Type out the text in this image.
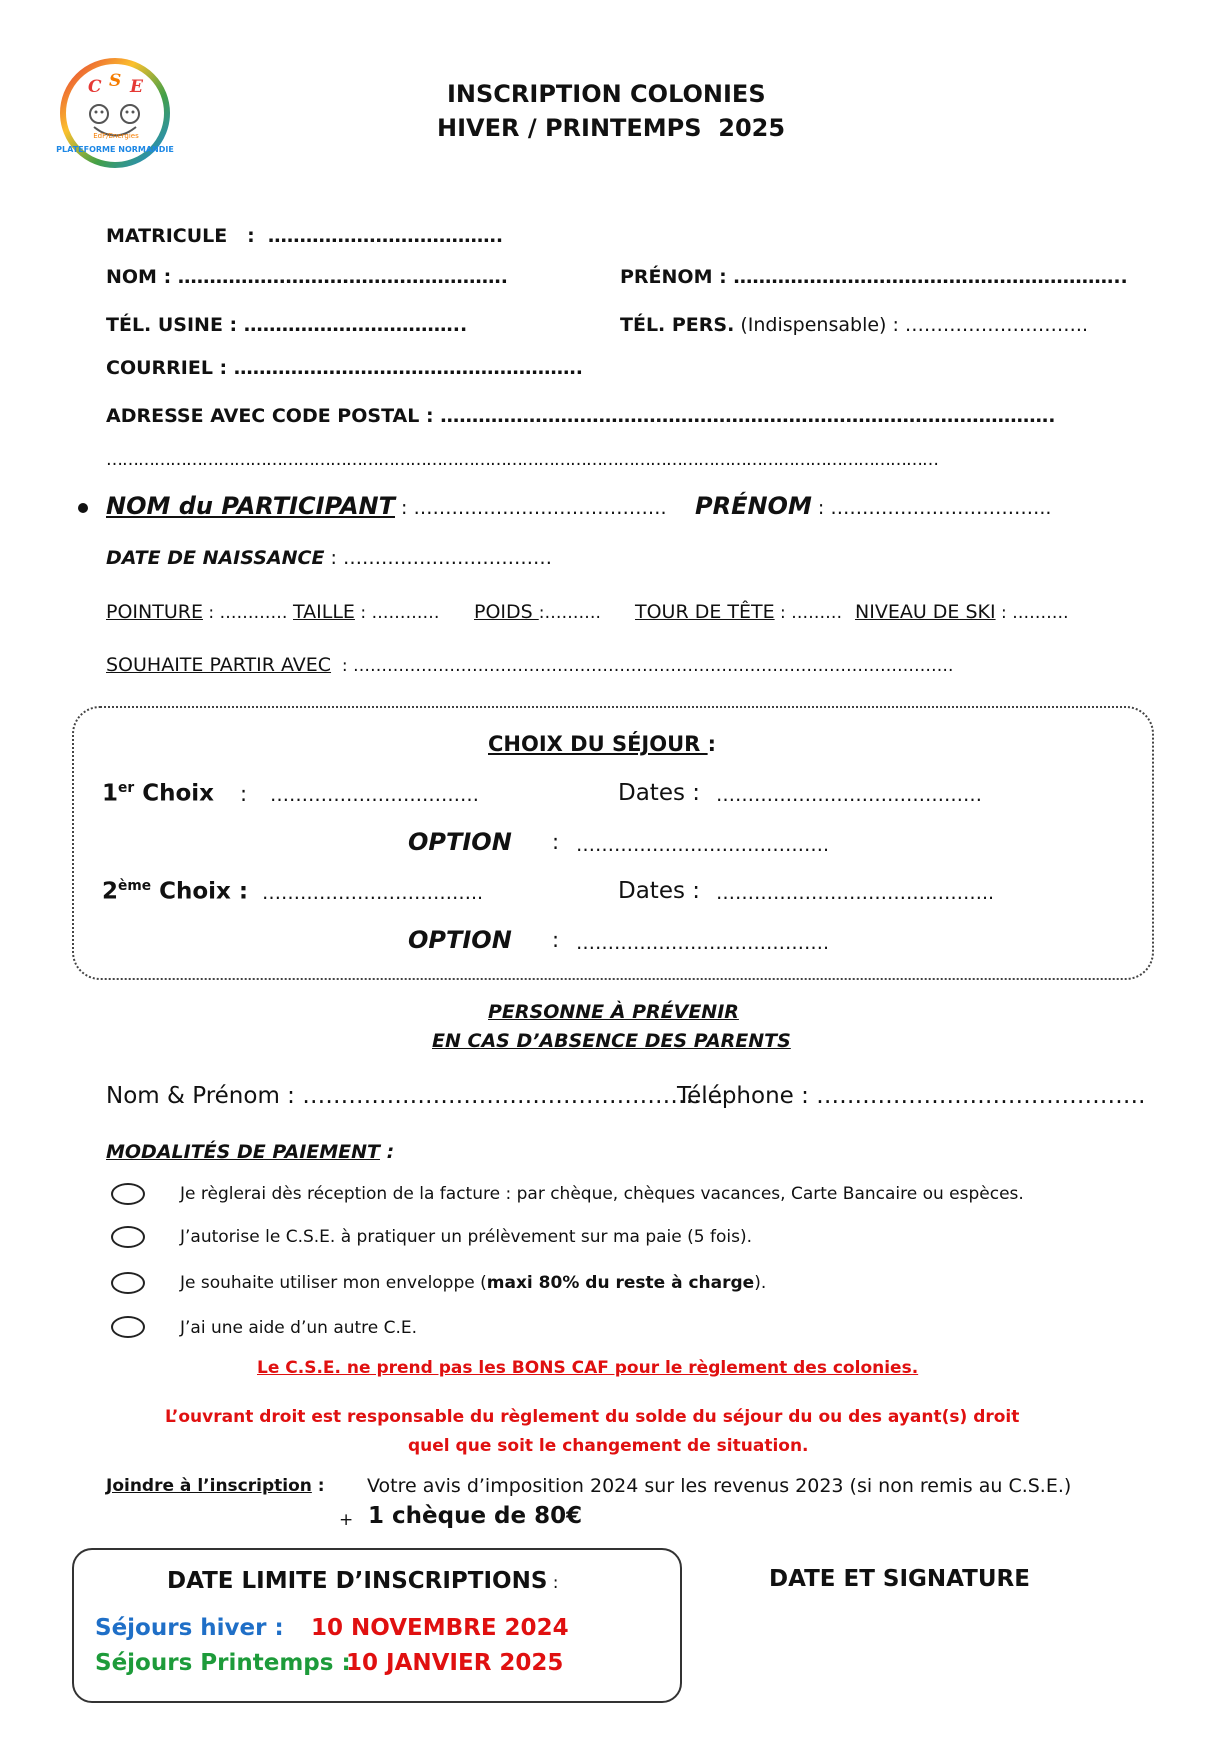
C S E
EdF/Energies
PLATEFORME NORMANDIE
INSCRIPTION COLONIES
HIVER / PRINTEMPS  2025
MATRICULE   :  ……………………………….
NOM : …………………………………………….	PRÉNOM : ……………………………………………………..
TÉL. USINE : ……………………………..	TÉL. PERS. (Indispensable) : ………………………..
COURRIEL : ……………………………………………….
ADRESSE AVEC CODE POSTAL : …………………………………………………………………………………….
…………………………………………………………………………………………………………………………………………
NOM du PARTICIPANT : …………………………………. PRÉNOM : ……………………………..
DATE DE NAISSANCE : ……………………………
POINTURE : ………… TAILLE : ………… POIDS :………. TOUR DE TÊTE : ……… NIVEAU DE SKI : ……….
SOUHAITE PARTIR AVEC  : …………………………………………………………………………………………….
CHOIX DU SÉJOUR :
1er Choix : ……………………………	Dates : ……………………………………
OPTION : ………………………………….
2ème Choix : ……………………………..	Dates : ……………………………………..
OPTION : ………………………………….
PERSONNE À PRÉVENIR
EN CAS D’ABSENCE DES PARENTS
Nom & Prénom : ……………………………………………….
Téléphone : …………………………………….
MODALITÉS DE PAIEMENT :
Je règlerai dès réception de la facture : par chèque, chèques vacances, Carte Bancaire ou espèces.
J’autorise le C.S.E. à pratiquer un prélèvement sur ma paie (5 fois).
Je souhaite utiliser mon enveloppe (maxi 80% du reste à charge).
J’ai une aide d’un autre C.E.
Le C.S.E. ne prend pas les BONS CAF pour le règlement des colonies.
L’ouvrant droit est responsable du règlement du solde du séjour du ou des ayant(s) droit
quel que soit le changement de situation.
Joindre à l’inscription : Votre avis d’imposition 2024 sur les revenus 2023 (si non remis au C.S.E.)
+ 1 chèque de 80€
DATE LIMITE D’INSCRIPTIONS :
Séjours hiver : 10 NOVEMBRE 2024
Séjours Printemps :
10 JANVIER 2025
DATE ET SIGNATURE
